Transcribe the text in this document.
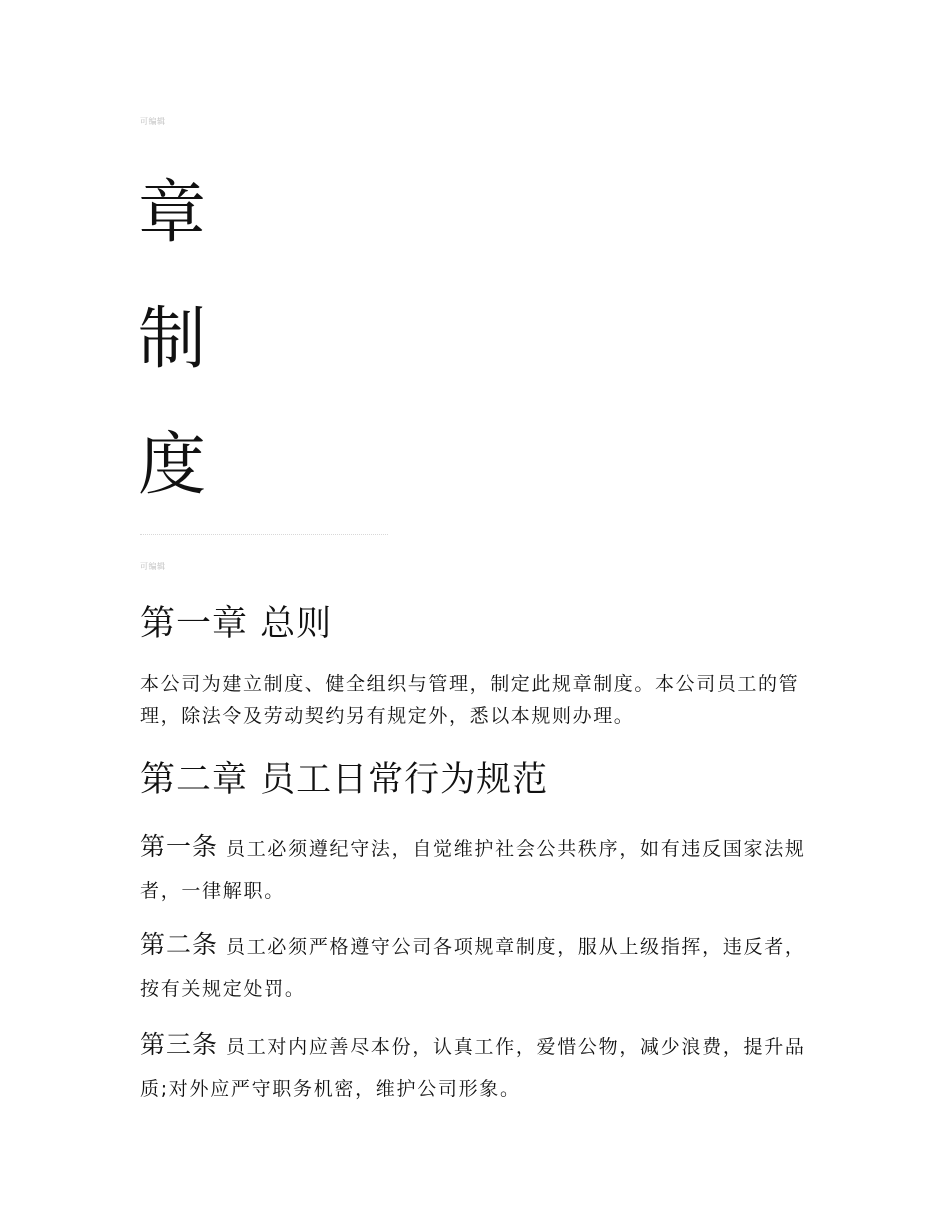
可编辑
章
制
度
可编辑
第一章 总则
本公司为建立制度、健全组织与管理，制定此规章制度。本公司员工的管理，除法令及劳动契约另有规定外，悉以本规则办理。
第二章 员工日常行为规范
第一条 员工必须遵纪守法，自觉维护社会公共秩序，如有违反国家法规者，一律解职。
第二条 员工必须严格遵守公司各项规章制度，服从上级指挥，违反者，按有关规定处罚。
第三条 员工对内应善尽本份，认真工作，爱惜公物，减少浪费，提升品质;对外应严守职务机密，维护公司形象。
